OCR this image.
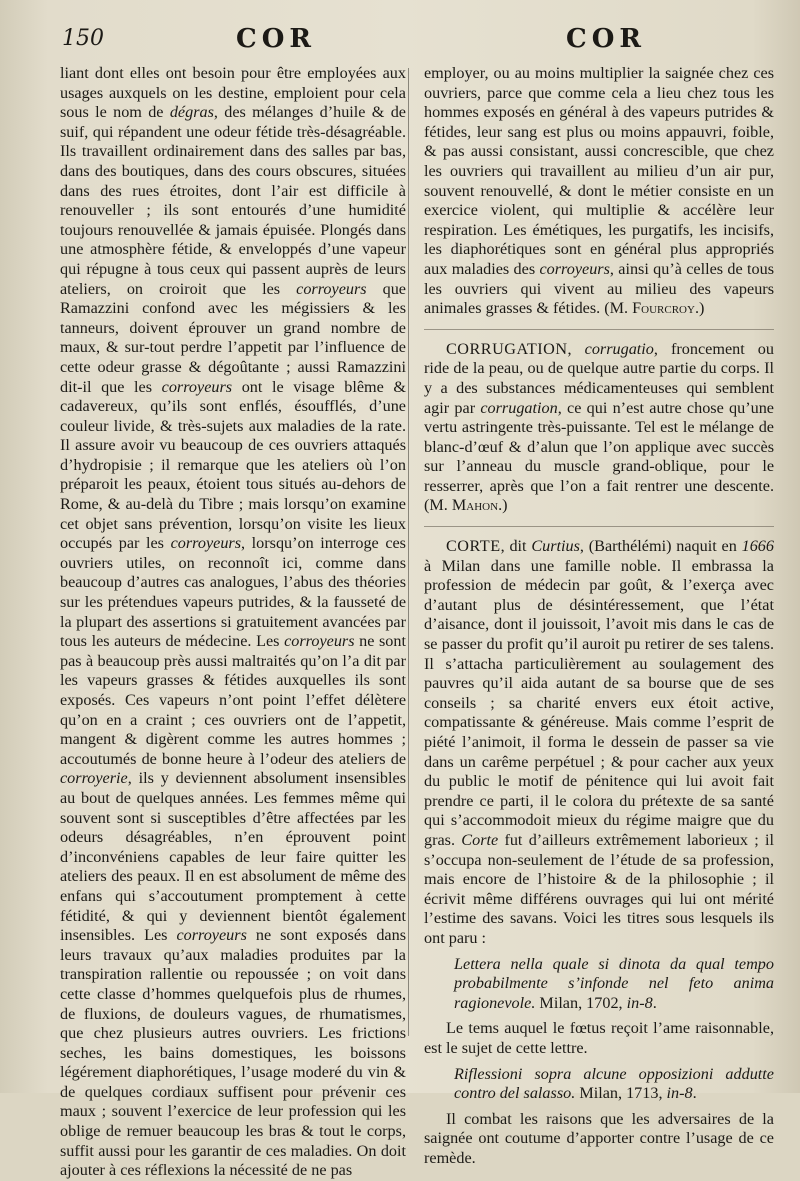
150	COR	COR

liant dont elles ont besoin pour être employées aux usages auxquels on les destine, emploient pour cela sous le nom de dégras, des mélanges d’huile & de suif, qui répandent une odeur fétide très-désagréable. Ils travaillent ordinairement dans des salles par bas, dans des boutiques, dans des cours obscures, situées dans des rues étroites, dont l’air est difficile à renouveller ; ils sont entourés d’une humidité toujours renouvellée & jamais épuisée. Plongés dans une atmosphère fétide, & enveloppés d’une vapeur qui répugne à tous ceux qui passent auprès de leurs ateliers, on croiroit que les corroyeurs que Ramazzini confond avec les mégissiers & les tanneurs, doivent éprouver un grand nombre de maux, & sur-tout perdre l’appetit par l’influence de cette odeur grasse & dégoûtante ; aussi Ramazzini dit-il que les corroyeurs ont le visage blême & cadavereux, qu’ils sont enflés, ésoufflés, d’une couleur livide, & très-sujets aux maladies de la rate. Il assure avoir vu beaucoup de ces ouvriers attaqués d’hydropisie ; il remarque que les ateliers où l’on préparoit les peaux, étoient tous situés au-dehors de Rome, & au-delà du Tibre ; mais lorsqu’on examine cet objet sans prévention, lorsqu’on visite les lieux occupés par les corroyeurs, lorsqu’on interroge ces ouvriers utiles, on reconnoît ici, comme dans beaucoup d’autres cas analogues, l’abus des théories sur les prétendues vapeurs putrides, & la fausseté de la plupart des assertions si gratuitement avancées par tous les auteurs de médecine. Les corroyeurs ne sont pas à beaucoup près aussi maltraités qu’on l’a dit par les vapeurs grasses & fétides auxquelles ils sont exposés. Ces vapeurs n’ont point l’effet délètere qu’on en a craint ; ces ouvriers ont de l’appetit, mangent & digèrent comme les autres hommes ; accoutumés de bonne heure à l’odeur des ateliers de corroyerie, ils y deviennent absolument insensibles au bout de quelques années. Les femmes même qui souvent sont si susceptibles d’être affectées par les odeurs désagréables, n’en éprouvent point d’inconvéniens capables de leur faire quitter les ateliers des peaux. Il en est absolument de même des enfans qui s’accoutument promptement à cette fétidité, & qui y deviennent bientôt également insensibles. Les corroyeurs ne sont exposés dans leurs travaux qu’aux maladies produites par la transpiration rallentie ou repoussée ; on voit dans cette classe d’hommes quelquefois plus de rhumes, de fluxions, de douleurs vagues, de rhumatismes, que chez plusieurs autres ouvriers. Les frictions seches, les bains domestiques, les boissons légérement diaphorétiques, l’usage moderé du vin & de quelques cordiaux suffisent pour prévenir ces maux ; souvent l’exercice de leur profession qui les oblige de remuer beaucoup les bras & tout le corps, suffit aussi pour les garantir de ces maladies. On doit ajouter à ces réflexions la nécessité de ne pas

employer, ou au moins multiplier la saignée chez ces ouvriers, parce que comme cela a lieu chez tous les hommes exposés en général à des vapeurs putrides & fétides, leur sang est plus ou moins appauvri, foible, & pas aussi consistant, aussi concrescible, que chez les ouvriers qui travaillent au milieu d’un air pur, souvent renouvellé, & dont le métier consiste en un exercice violent, qui multiplie & accélère leur respiration. Les émétiques, les purgatifs, les incisifs, les diaphorétiques sont en général plus appropriés aux maladies des corroyeurs, ainsi qu’à celles de tous les ouvriers qui vivent au milieu des vapeurs animales grasses & fétides. (M. Fourcroy.)

CORRUGATION, corrugatio, froncement ou ride de la peau, ou de quelque autre partie du corps. Il y a des substances médicamenteuses qui semblent agir par corrugation, ce qui n’est autre chose qu’une vertu astringente très-puissante. Tel est le mélange de blanc-d’œuf & d’alun que l’on applique avec succès sur l’anneau du muscle grand-oblique, pour le resserrer, après que l’on a fait rentrer une descente. (M. Mahon.)

CORTE, dit Curtius, (Barthélémi) naquit en 1666 à Milan dans une famille noble. Il embrassa la profession de médecin par goût, & l’exerça avec d’autant plus de désintéressement, que l’état d’aisance, dont il jouissoit, l’avoit mis dans le cas de se passer du profit qu’il auroit pu retirer de ses talens. Il s’attacha particulièrement au soulagement des pauvres qu’il aida autant de sa bourse que de ses conseils ; sa charité envers eux étoit active, compatissante & généreuse. Mais comme l’esprit de piété l’animoit, il forma le dessein de passer sa vie dans un carême perpétuel ; & pour cacher aux yeux du public le motif de pénitence qui lui avoit fait prendre ce parti, il le colora du prétexte de sa santé qui s’accommodoit mieux du régime maigre que du gras. Corte fut d’ailleurs extrêmement laborieux ; il s’occupa non-seulement de l’étude de sa profession, mais encore de l’histoire & de la philosophie ; il écrivit même différens ouvrages qui lui ont mérité l’estime des savans. Voici les titres sous lesquels ils ont paru :

Lettera nella quale si dinota da qual tempo probabilmente s’infonde nel feto anima ragionevole. Milan, 1702, in-8.

Le tems auquel le fœtus reçoit l’ame raisonnable, est le sujet de cette lettre.

Riflessioni sopra alcune opposizioni addutte contro del salasso. Milan, 1713, in-8.

Il combat les raisons que les adversaires de la saignée ont coutume d’apporter contre l’usage de ce remède.
